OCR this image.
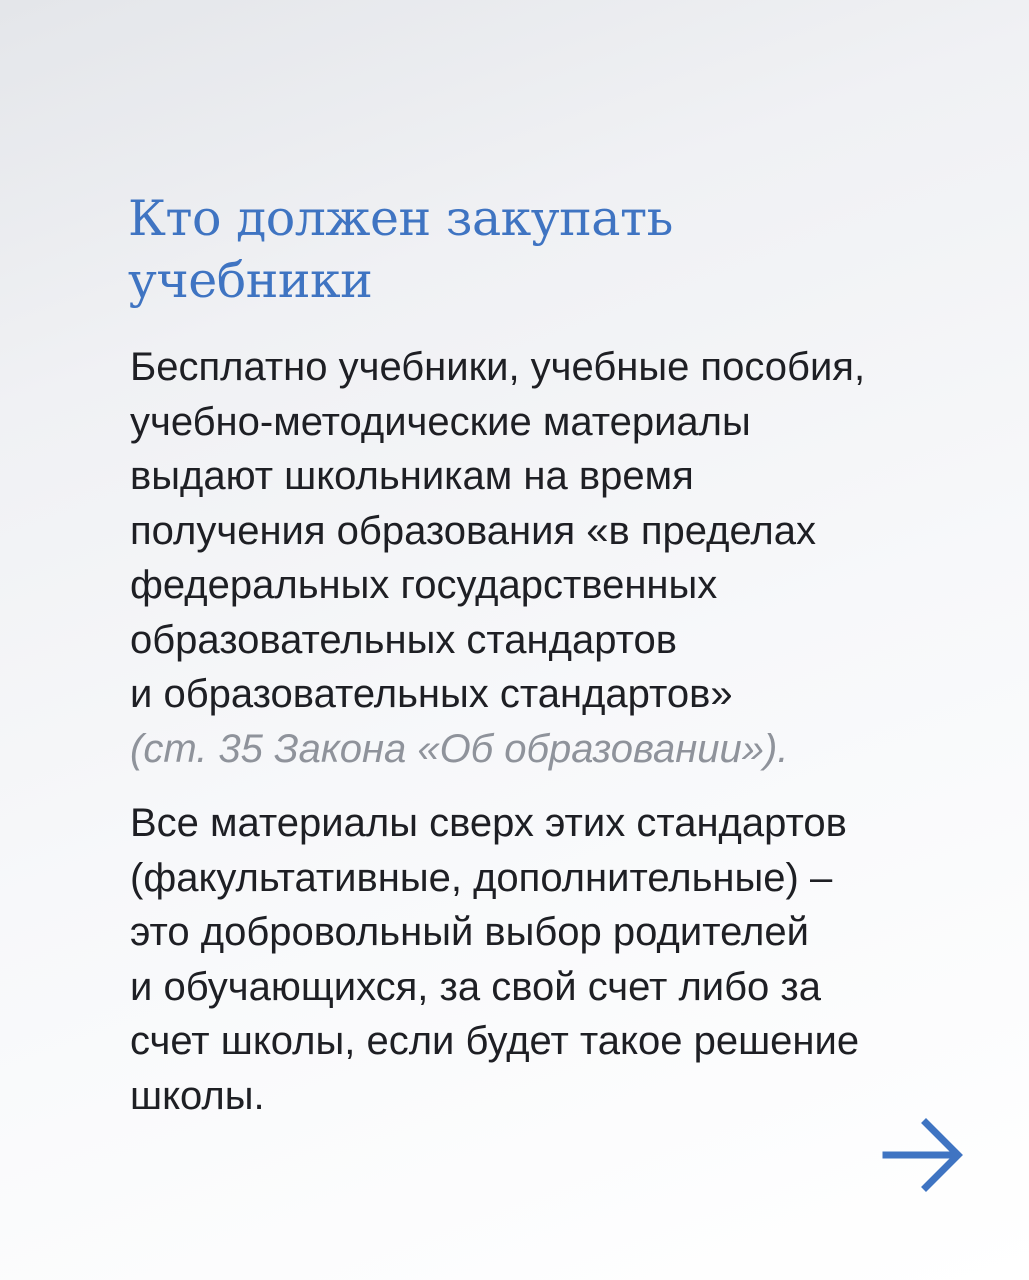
Кто должен закупать
учебники

Бесплатно учебники, учебные пособия,
учебно-методические материалы
выдают школьникам на время
получения образования «в пределах
федеральных государственных
образовательных стандартов
и образовательных стандартов»
(ст. 35 Закона «Об образовании»).

Все материалы сверх этих стандартов
(факультативные, дополнительные) –
это добровольный выбор родителей
и обучающихся, за свой счет либо за
счет школы, если будет такое решение
школы.
